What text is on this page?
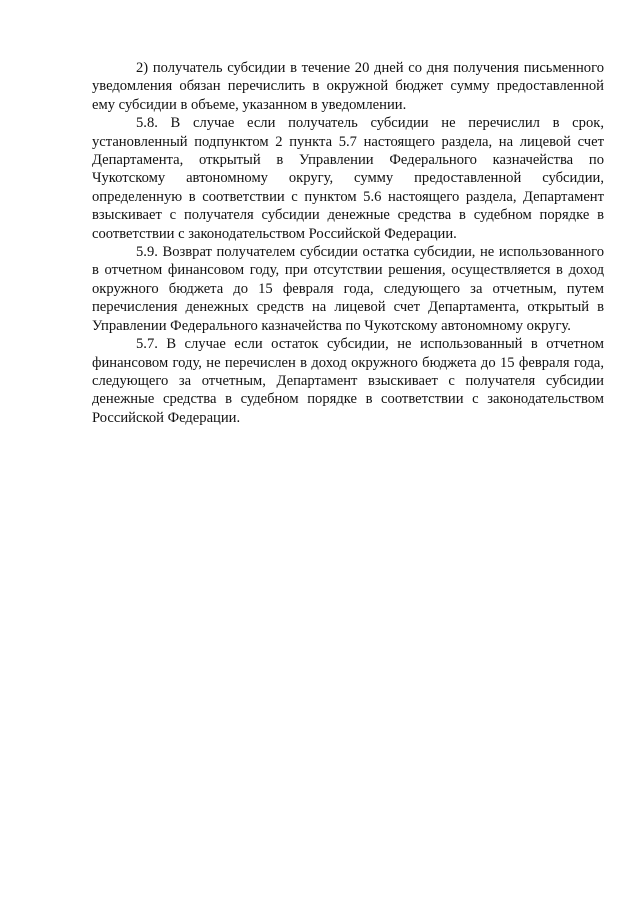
2) получатель субсидии в течение 20 дней со дня получения письменного уведомления обязан перечислить в окружной бюджет сумму предоставленной ему субсидии в объеме, указанном в уведомлении.

5.8. В случае если получатель субсидии не перечислил в срок, установленный подпунктом 2 пункта 5.7 настоящего раздела, на лицевой счет Департамента, открытый в Управлении Федерального казначейства по Чукотскому автономному округу, сумму предоставленной субсидии, определенную в соответствии с пунктом 5.6 настоящего раздела, Департамент взыскивает с получателя субсидии денежные средства в судебном порядке в соответствии с законодательством Российской Федерации.

5.9. Возврат получателем субсидии остатка субсидии, не использованного в отчетном финансовом году, при отсутствии решения, осуществляется в доход окружного бюджета до 15 февраля года, следующего за отчетным, путем перечисления денежных средств на лицевой счет Департамента, открытый в Управлении Федерального казначейства по Чукотскому автономному округу.

5.7. В случае если остаток субсидии, не использованный в отчетном финансовом году, не перечислен в доход окружного бюджета до 15 февраля года, следующего за отчетным, Департамент взыскивает с получателя субсидии денежные средства в судебном порядке в соответствии с законодательством Российской Федерации.
